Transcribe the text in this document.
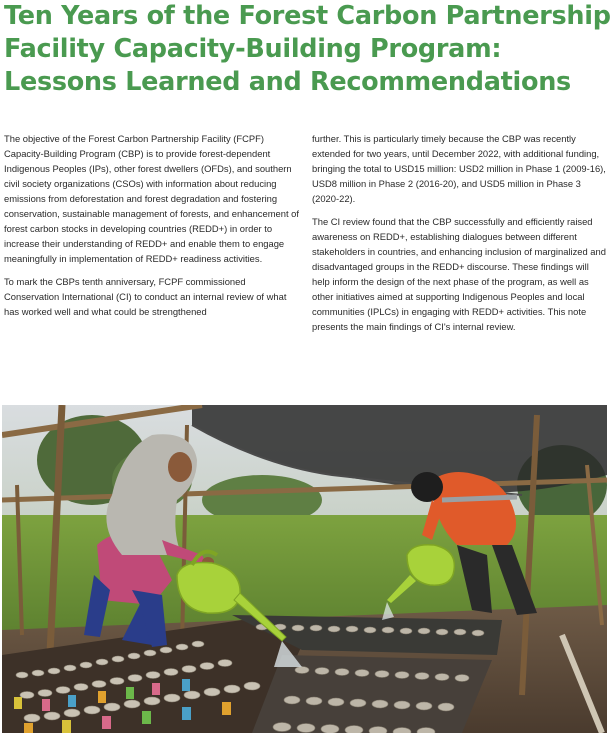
Ten Years of the Forest Carbon Partnership
Facility Capacity-Building Program:
Lessons Learned and Recommendations

The objective of the Forest Carbon Partnership Facility (FCPF) Capacity-Building Program (CBP) is to provide forest-dependent Indigenous Peoples (IPs), other forest dwellers (OFDs), and southern civil society organizations (CSOs) with information about reducing emissions from deforestation and forest degradation and fostering conservation, sustainable management of forests, and enhancement of forest carbon stocks in developing countries (REDD+) in order to increase their understanding of REDD+ and enable them to engage meaningfully in implementation of REDD+ readiness activities.

To mark the CBPs tenth anniversary, FCPF commissioned Conservation International (CI) to conduct an internal review of what has worked well and what could be strengthened

further. This is particularly timely because the CBP was recently extended for two years, until December 2022, with additional funding, bringing the total to USD15 million: USD2 million in Phase 1 (2009-16), USD8 million in Phase 2 (2016-20), and USD5 million in Phase 3 (2020-22).

The CI review found that the CBP successfully and efficiently raised awareness on REDD+, establishing dialogues between different stakeholders in countries, and enhancing inclusion of marginalized and disadvantaged groups in the REDD+ discourse. These findings will help inform the design of the next phase of the program, as well as other initiatives aimed at supporting Indigenous Peoples and local communities (IPLCs) in engaging with REDD+ activities. This note presents the main findings of CI's internal review.
